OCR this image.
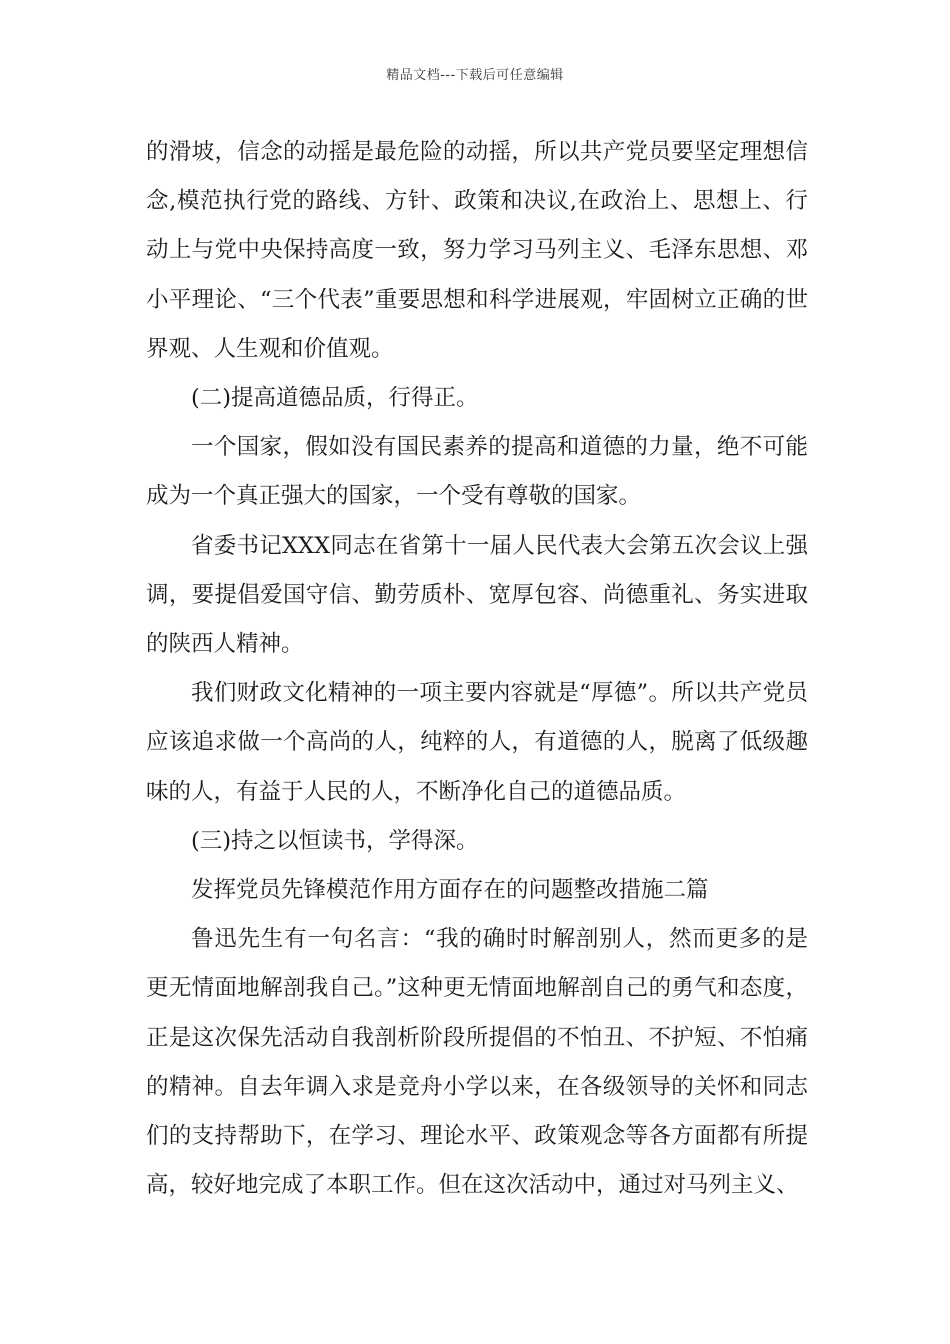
精品文档---下载后可任意编辑

的滑坡，信念的动摇是最危险的动摇，所以共产党员要坚定理想信念,模范执行党的路线、方针、政策和决议,在政治上、思想上、行动上与党中央保持高度一致，努力学习马列主义、毛泽东思想、邓小平理论、“三个代表”重要思想和科学进展观，牢固树立正确的世界观、人生观和价值观。

(二)提高道德品质，行得正。

一个国家，假如没有国民素养的提高和道德的力量，绝不可能成为一个真正强大的国家，一个受有尊敬的国家。

省委书记XXX同志在省第十一届人民代表大会第五次会议上强调，要提倡爱国守信、勤劳质朴、宽厚包容、尚德重礼、务实进取的陕西人精神。

我们财政文化精神的一项主要内容就是“厚德”。所以共产党员应该追求做一个高尚的人，纯粹的人，有道德的人，脱离了低级趣味的人，有益于人民的人，不断净化自己的道德品质。

(三)持之以恒读书，学得深。

发挥党员先锋模范作用方面存在的问题整改措施二篇

鲁迅先生有一句名言：“我的确时时解剖别人，然而更多的是更无情面地解剖我自己。”这种更无情面地解剖自己的勇气和态度，正是这次保先活动自我剖析阶段所提倡的不怕丑、不护短、不怕痛的精神。自去年调入求是竞舟小学以来，在各级领导的关怀和同志们的支持帮助下，在学习、理论水平、政策观念等各方面都有所提高，较好地完成了本职工作。但在这次活动中，通过对马列主义、
